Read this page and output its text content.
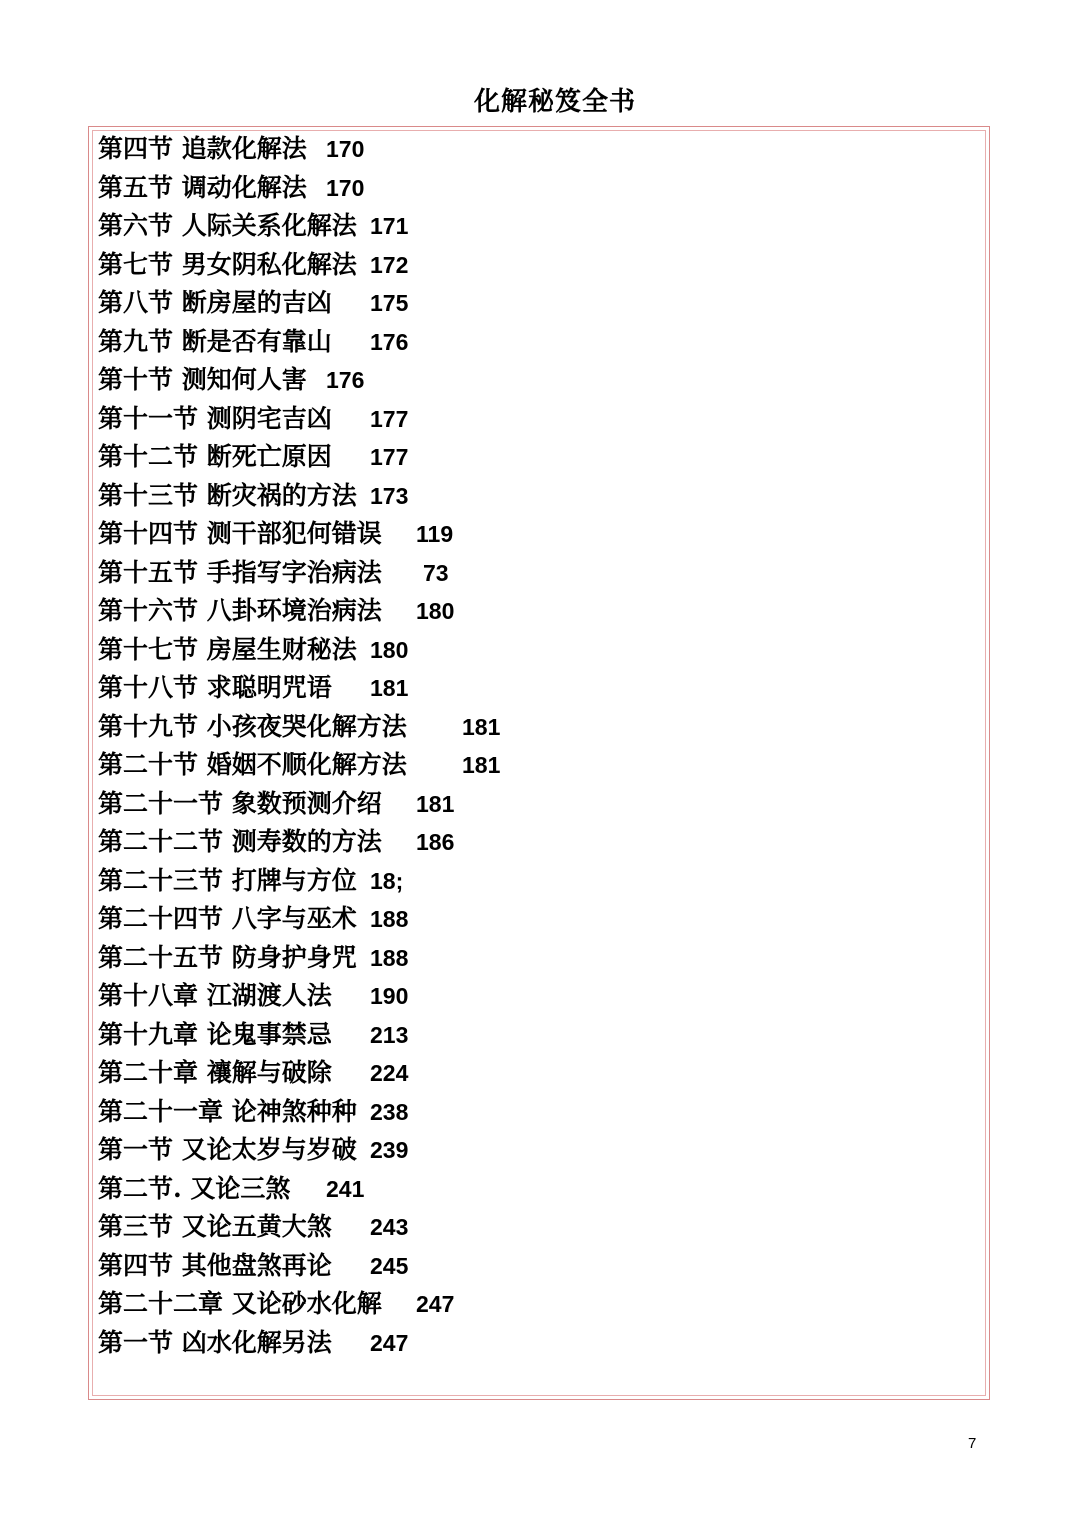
化解秘笈全书
第四节 追款化解法 170
第五节 调动化解法 170
第六节 人际关系化解法 171
第七节 男女阴私化解法 172
第八节 断房屋的吉凶 175
第九节 断是否有靠山 176
第十节 测知何人害 176
第十一节 测阴宅吉凶 177
第十二节 断死亡原因 177
第十三节 断灾祸的方法 173
第十四节 测干部犯何错误 119
第十五节 手指写字治病法 73
第十六节 八卦环境治病法 180
第十七节 房屋生财秘法 180
第十八节 求聪明咒语 181
第十九节 小孩夜哭化解方法 181
第二十节 婚姻不顺化解方法 181
第二十一节 象数预测介绍 181
第二十二节 测寿数的方法 186
第二十三节 打牌与方位 18;
第二十四节 八字与巫术 188
第二十五节 防身护身咒 188
第十八章 江湖渡人法 190
第十九章 论鬼事禁忌 213
第二十章 禳解与破除 224
第二十一章 论神煞种种 238
第一节 又论太岁与岁破 239
第二节. 又论三煞 241
第三节 又论五黄大煞 243
第四节 其他盘煞再论 245
第二十二章 又论砂水化解 247
第一节 凶水化解另法 247
7
